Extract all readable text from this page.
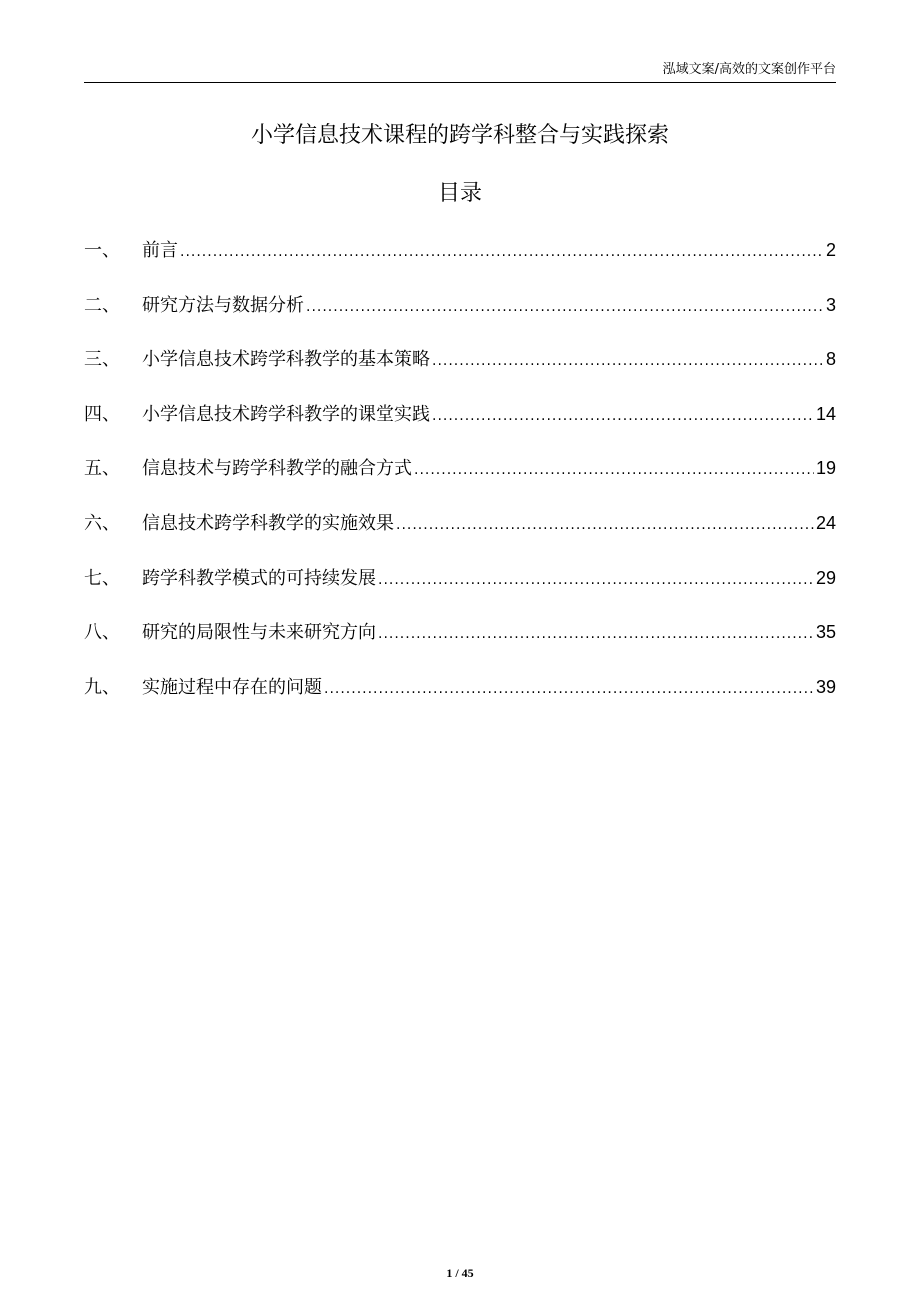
泓域文案/高效的文案创作平台
小学信息技术课程的跨学科整合与实践探索
目录
一、	前言 .....	2
二、	研究方法与数据分析 .....	3
三、	小学信息技术跨学科教学的基本策略 .....	8
四、	小学信息技术跨学科教学的课堂实践 .....	14
五、	信息技术与跨学科教学的融合方式 .....	19
六、	信息技术跨学科教学的实施效果 .....	24
七、	跨学科教学模式的可持续发展 .....	29
八、	研究的局限性与未来研究方向 .....	35
九、	实施过程中存在的问题 .....	39
1 / 45
